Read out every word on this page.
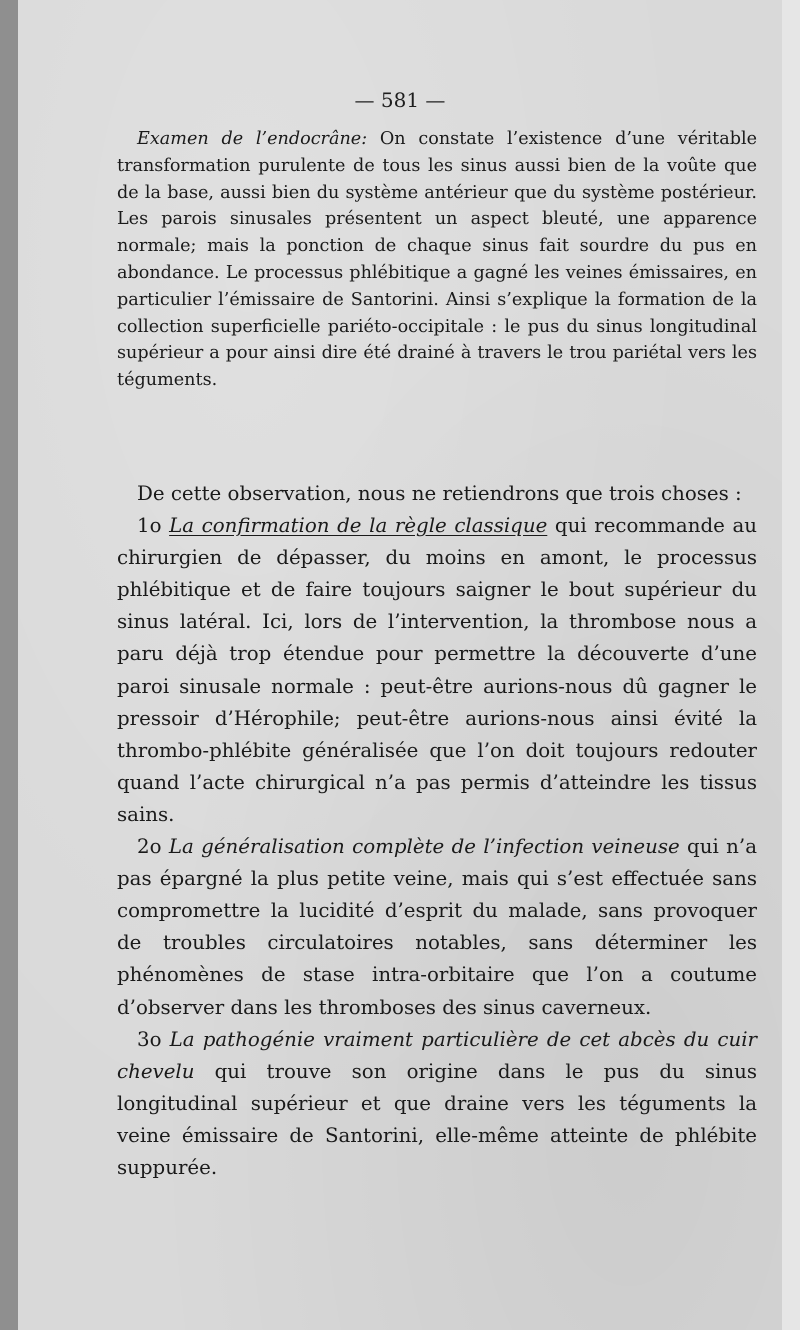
— 581 —

Examen de l’endocrâne: On constate l’existence d’une véritable transformation purulente de tous les sinus aussi bien de la voûte que de la base, aussi bien du système antérieur que du système postérieur. Les parois sinusales présentent un aspect bleuté, une apparence normale; mais la ponction de chaque sinus fait sourdre du pus en abondance. Le processus phlébitique a gagné les veines émissaires, en particulier l’émissaire de Santorini. Ainsi s’explique la formation de la collection superficielle pariéto-occipitale : le pus du sinus longitudinal supérieur a pour ainsi dire été drainé à travers le trou pariétal vers les téguments.

De cette observation, nous ne retiendrons que trois choses :

1o La confirmation de la règle classique qui recommande au chirurgien de dépasser, du moins en amont, le processus phlébitique et de faire toujours saigner le bout supérieur du sinus latéral. Ici, lors de l’intervention, la thrombose nous a paru déjà trop étendue pour permettre la découverte d’une paroi sinusale normale : peut-être aurions-nous dû gagner le pressoir d’Hérophile; peut-être aurions-nous ainsi évité la thrombo-phlébite généralisée que l’on doit toujours redouter quand l’acte chirurgical n’a pas permis d’atteindre les tissus sains.

2o La généralisation complète de l’infection veineuse qui n’a pas épargné la plus petite veine, mais qui s’est effectuée sans compromettre la lucidité d’esprit du malade, sans provoquer de troubles circulatoires notables, sans déterminer les phénomènes de stase intra-orbitaire que l’on a coutume d’observer dans les thromboses des sinus caverneux.

3o La pathogénie vraiment particulière de cet abcès du cuir chevelu qui trouve son origine dans le pus du sinus longitudinal supérieur et que draine vers les téguments la veine émissaire de Santorini, elle-même atteinte de phlébite suppurée.
